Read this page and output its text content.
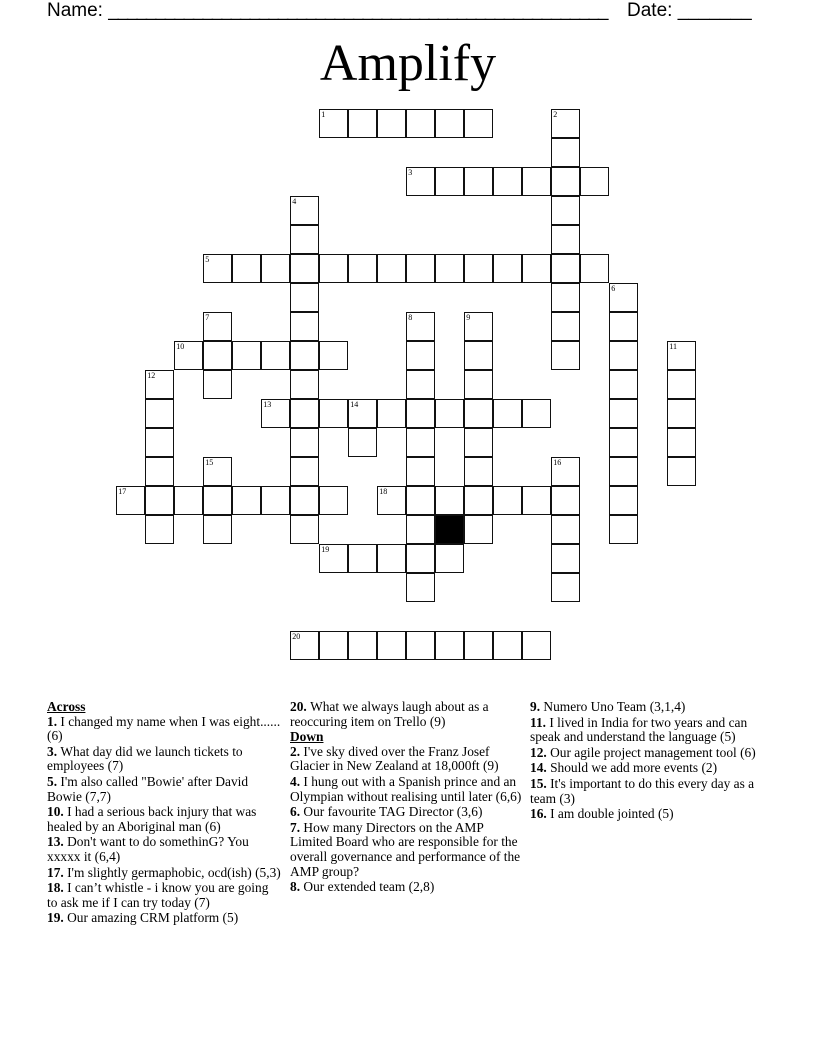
Name: _____________________________________________________ Date: _______
Amplify
1	2
3
4
5
6
7	8	9
10	11
12
13	14
15	16
17	18
19
20
Across
1. I changed my name when I was eight......(6)
3. What day did we launch tickets to employees (7)
5. I'm also called "Bowie' after David Bowie (7,7)
10. I had a serious back injury that was healed by an Aboriginal man (6)
13. Don't want to do somethinG? You xxxxx it (6,4)
17. I'm slightly germaphobic, ocd(ish) (5,3)
18. I can’t whistle - i know you are going to ask me if I can try today (7)
19. Our amazing CRM platform (5)
20. What we always laugh about as a reoccuring item on Trello (9)
Down
2. I've sky dived over the Franz Josef Glacier in New Zealand at 18,000ft (9)
4. I hung out with a Spanish prince and an Olympian without realising until later (6,6)
6. Our favourite TAG Director (3,6)
7. How many Directors on the AMP Limited Board who are responsible for the overall governance and performance of the AMP group?
8. Our extended team (2,8)
9. Numero Uno Team (3,1,4)
11. I lived in India for two years and can speak and understand the language (5)
12. Our agile project management tool (6)
14. Should we add more events (2)
15. It's important to do this every day as a team (3)
16. I am double jointed (5)
